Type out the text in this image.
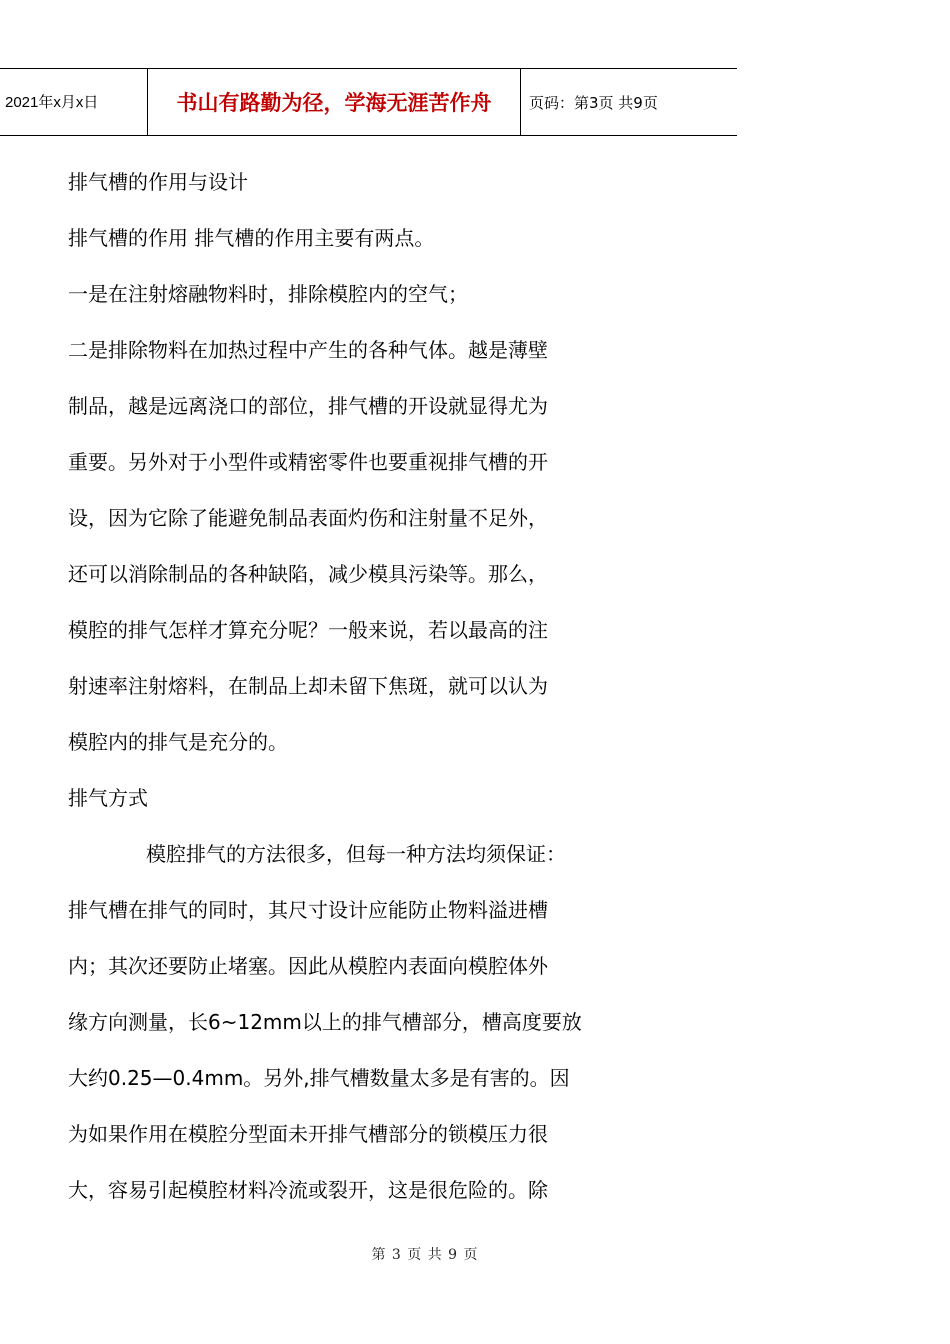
2021年x月x日	书山有路勤为径，学海无涯苦作舟	页码：第3页 共9页
排气槽的作用与设计
排气槽的作用 排气槽的作用主要有两点。
一是在注射熔融物料时，排除模腔内的空气；
二是排除物料在加热过程中产生的各种气体。越是薄壁
制品，越是远离浇口的部位，排气槽的开设就显得尤为
重要。另外对于小型件或精密零件也要重视排气槽的开
设，因为它除了能避免制品表面灼伤和注射量不足外，
还可以消除制品的各种缺陷，减少模具污染等。那么，
模腔的排气怎样才算充分呢？一般来说，若以最高的注
射速率注射熔料，在制品上却未留下焦斑，就可以认为
模腔内的排气是充分的。
排气方式
模腔排气的方法很多，但每一种方法均须保证：
排气槽在排气的同时，其尺寸设计应能防止物料溢进槽
内；其次还要防止堵塞。因此从模腔内表面向模腔体外
缘方向测量，长6~12mm以上的排气槽部分，槽高度要放
大约0.25—0.4mm。另外,排气槽数量太多是有害的。因
为如果作用在模腔分型面未开排气槽部分的锁模压力很
大，容易引起模腔材料冷流或裂开，这是很危险的。除
第 3 页 共 9 页
